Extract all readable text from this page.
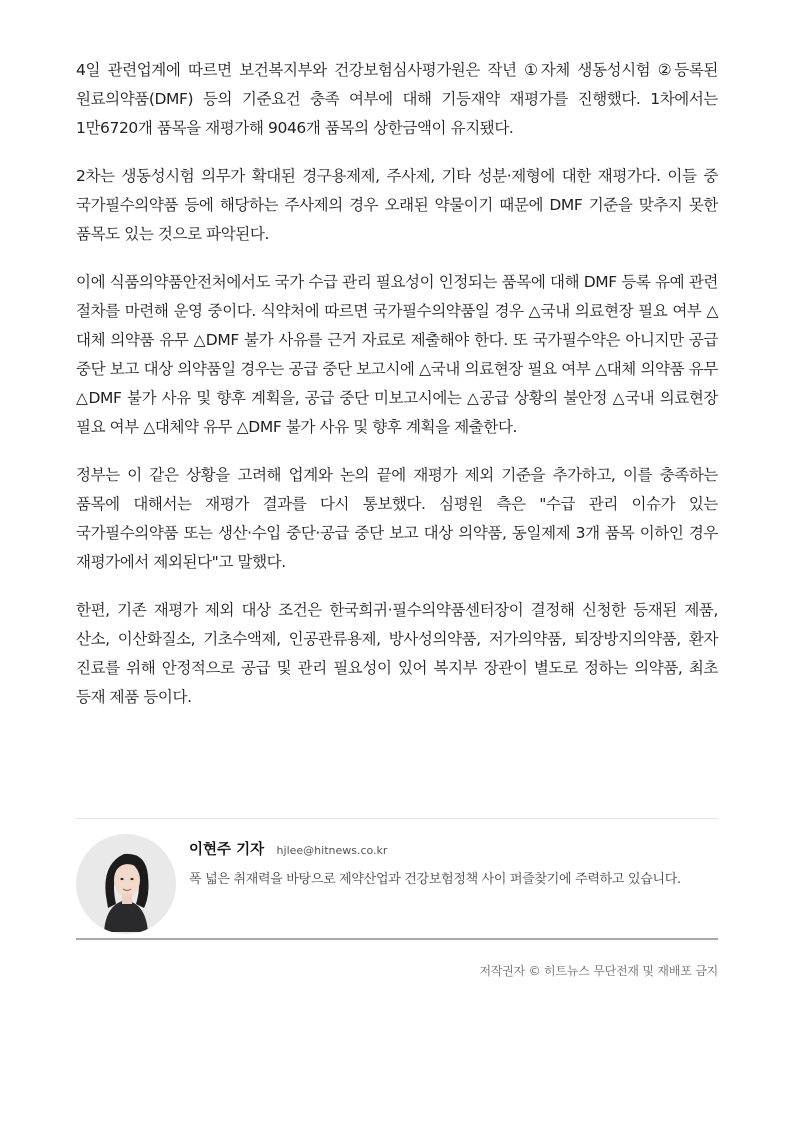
4일 관련업계에 따르면 보건복지부와 건강보험심사평가원은 작년 ①자체 생동성시험 ②등록된 원료의약품(DMF) 등의 기준요건 충족 여부에 대해 기등재약 재평가를 진행했다. 1차에서는 1만6720개 품목을 재평가해 9046개 품목의 상한금액이 유지됐다.

2차는 생동성시험 의무가 확대된 경구용제제, 주사제, 기타 성분·제형에 대한 재평가다. 이들 중 국가필수의약품 등에 해당하는 주사제의 경우 오래된 약물이기 때문에 DMF 기준을 맞추지 못한 품목도 있는 것으로 파악된다.

이에 식품의약품안전처에서도 국가 수급 관리 필요성이 인정되는 품목에 대해 DMF 등록 유예 관련 절차를 마련해 운영 중이다. 식약처에 따르면 국가필수의약품일 경우 △국내 의료현장 필요 여부 △대체 의약품 유무 △DMF 불가 사유를 근거 자료로 제출해야 한다. 또 국가필수약은 아니지만 공급 중단 보고 대상 의약품일 경우는 공급 중단 보고시에 △국내 의료현장 필요 여부 △대체 의약품 유무 △DMF 불가 사유 및 향후 계획을, 공급 중단 미보고시에는 △공급 상황의 불안정 △국내 의료현장 필요 여부 △대체약 유무 △DMF 불가 사유 및 향후 계획을 제출한다.

정부는 이 같은 상황을 고려해 업계와 논의 끝에 재평가 제외 기준을 추가하고, 이를 충족하는 품목에 대해서는 재평가 결과를 다시 통보했다. 심평원 측은 "수급 관리 이슈가 있는 국가필수의약품 또는 생산·수입 중단·공급 중단 보고 대상 의약품, 동일제제 3개 품목 이하인 경우 재평가에서 제외된다"고 말했다.

한편, 기존 재평가 제외 대상 조건은 한국희귀·필수의약품센터장이 결정해 신청한 등재된 제품, 산소, 이산화질소, 기초수액제, 인공관류용제, 방사성의약품, 저가의약품, 퇴장방지의약품, 환자 진료를 위해 안정적으로 공급 및 관리 필요성이 있어 복지부 장관이 별도로 정하는 의약품, 최초 등재 제품 등이다.

이현주 기자 hjlee@hitnews.co.kr
폭 넓은 취재력을 바탕으로 제약산업과 건강보험정책 사이 퍼즐찾기에 주력하고 있습니다.
저작권자 © 히트뉴스 무단전재 및 재배포 금지
